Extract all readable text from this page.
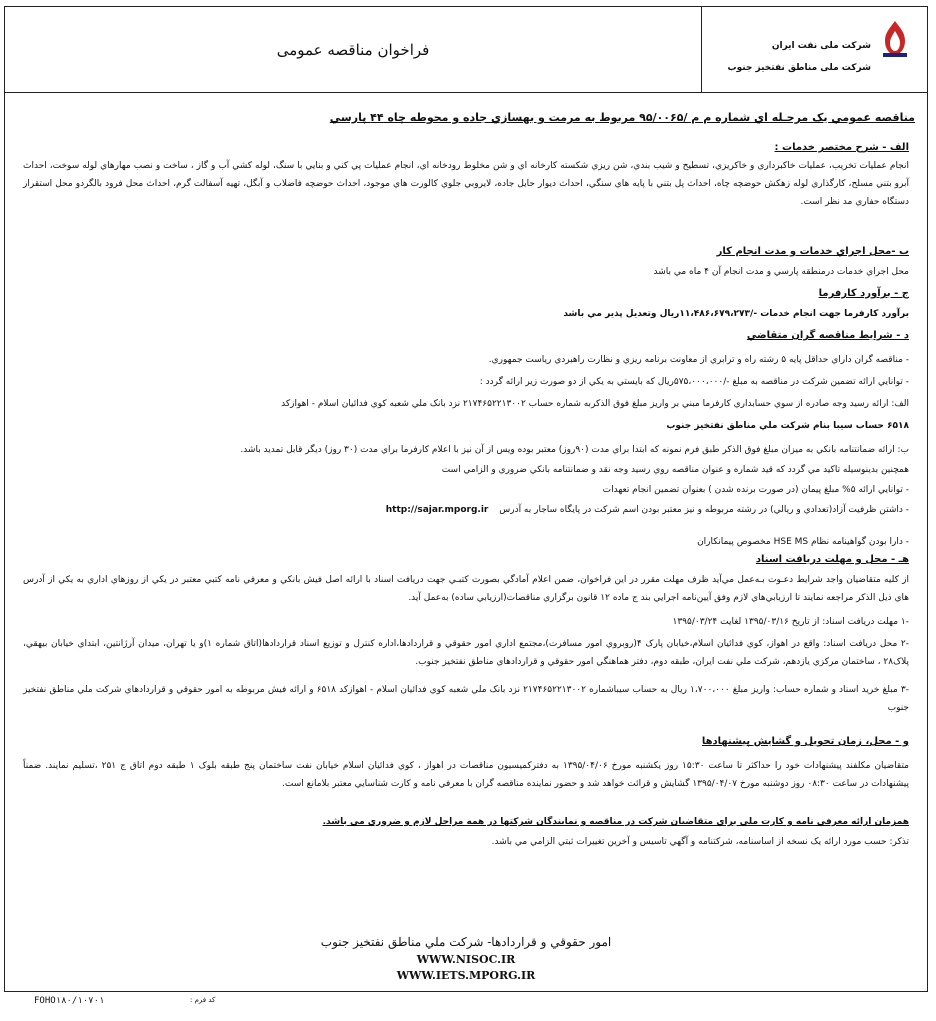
فراخوان مناقصه عمومی	شرکت ملی نفت ایران
شرکت ملی مناطق نفتخیز جنوب
مناقصه عمومي يک مرحـله اي شماره م م /۹۵/۰۰۶۵ مربوط به مرمت و بهسازي جاده و محوطه چاه ۴۴ پارسي
الف - شرح مختصر خدمات :
انجام عمليات تخريب، عمليات خاکبرداري و خاکريزي، تسطيح و شيب بندي، شن ريزي شکسته کارخانه اي و شن مخلوط رودخانه اي، انجام عمليات پي کني و بنايي با سنگ، لوله کشي آب و گاز ، ساخت و نصب مهارهاي لوله سوخت، احداث آبرو بتني مسلح، کارگذاري لوله زهکش حوضچه چاه، احداث پل بتني با پايه هاي سنگي، احداث ديوار حايل جاده، لايروبي جلوي کالورت هاي موجود، احداث حوضچه فاضلاب و آبگل، تهيه آسفالت گرم، احداث محل فرود بالگردو محل استقرار دستگاه حفاري مد نظر است.
ب -محل اجراي خدمات و مدت انجام کار
محل اجراي خدمات درمنطقه پارسي و مدت انجام آن ۴ ماه مي باشد
ج - برآورد کارفرما
برآورد کارفرما جهت انجام خدمات -/۱۱،۴۸۶،۶۷۹،۲۷۳ريال وتعديل پذير مي باشد
د - شرايط مناقصه گران متقاضي
- مناقصه گران داراي حداقل پايه ۵ رشته راه و ترابري از معاونت برنامه ريزي و نظارت راهبردي رياست جمهوري.
- توانايي ارائه تضمين شرکت در مناقصه به مبلغ -/۵۷۵،۰۰۰،۰۰۰ريال که بايستي به يکي از دو صورت زير ارائه گردد :
الف: ارائه رسيد وجه صادره از سوي حسابداري کارفرما مبني بر واريز مبلغ فوق الذکربه شماره حساب ۲۱۷۴۶۵۲۲۱۳۰۰۲ نزد بانک ملي شعبه کوي فدائيان اسلام - اهوازکد
۶۵۱۸ حساب سيبا بنام شرکت ملي مناطق نفتخيز جنوب
ب: ارائه ضمانتنامه بانکي به ميزان مبلغ فوق الذکر طبق فرم نمونه که ابتدا براي مدت (۹۰روز) معتبر بوده ويس از آن نيز با اعلام کارفرما براي مدت (۳۰ روز) ديگر قابل تمديد باشد.
همچنين بدينوسيله تاکيد مي گردد که قيد شماره و عنوان مناقصه روي رسيد وجه نقد و ضمانتنامه بانکي ضروري و الزامي است
- توانايي ارائه ۵% مبلغ پيمان (در صورت برنده شدن ) بعنوان تضمين انجام تعهدات
- داشتن ظرفيت آزاد(تعدادي و ريالي) در رشته مربوطه و نيز معتبر بودن اسم شرکت در پايگاه ساجار به آدرس http://sajar.mporg.ir
- دارا بودن گواهينامه نظام HSE MS مخصوص پيمانکاران
هـ - محل و مهلت دريافت اسناد
از کليه متقاضيان واجد شرايط دعـوت بـه‌عمل مي‌آيد ظرف مهلت مقرر در اين فراخوان، ضمن اعلام آمادگي بصورت کتبـي جهت دريافت اسناد با ارائه اصل فيش بانکي و معرفي نامه کتبي معتبر در يکي از روزهاي اداري به يکي از آدرس هاي ذيل الذکر مراجعه نمايند تا ارزيابي‌هاي لازم وفق آيين‌نامه اجرايي بند ج ماده ۱۲ قانون برگزاري مناقصات(ارزيابي ساده) به‌عمل آيد.
-۱ مهلت دريافت اسناد: از تاريخ ۱۳۹۵/۰۳/۱۶ لغايت ۱۳۹۵/۰۳/۲۴
-۲ محل دريافت اسناد: واقع در اهواز، کوي فدائيان اسلام،خيابان پارک ۴(روبروي امور مسافرت)،مجتمع اداري امور حقوقي و قراردادها،اداره کنترل و توزيع اسناد قراردادها(اتاق شماره ۱)و يا تهران، ميدان آرژانتين، ابتداي خيابان بيهقي، پلاک۲۸ ، ساختمان مرکزي يازدهم، شرکت ملي نفت ايران، طبقه دوم، دفتر هماهنگي امور حقوقي و قراردادهاي مناطق نفتخيز جنوب.
-۳ مبلغ خريد اسناد و شماره حساب: واريز مبلغ ۱،۷۰۰،۰۰۰ ريال به حساب سيباشماره ۲۱۷۴۶۵۲۲۱۳۰۰۲ نزد بانک ملي شعبه کوي فدائيان اسلام - اهوازکد ۶۵۱۸ و ارائه فيش مربوطه به امور حقوقي و قراردادهاي شرکت ملي مناطق نفتخيز جنوب
و - محل، زمان تحويل و گشايش پيشنهادها
متقاضيان مکلفند پيشنهادات خود را حداکثر تا ساعت ۱۵:۳۰ روز يکشنبه مورخ ۱۳۹۵/۰۴/۰۶ به دفترکميسيون مناقصات در اهواز ، کوي فدائيان اسلام خيابان نفت ساختمان پنج طبقه بلوک ۱ طبقه دوم اتاق ج ۲۵۱ ،تسليم نمايند. ضمناً پيشنهادات در ساعت ۰۸:۳۰ روز دوشنبه مورخ ۱۳۹۵/۰۴/۰۷ گشايش و قرائت خواهد شد و حضور نماينده مناقصه گران با معرفي نامه و کارت شناسايي معتبر بلامانع است.
همزمان ارائه معرفي نامه و کارت ملي براي متقاضيان شرکت در مناقصه و نمايندگان شرکتها در همه مراحل لازم و ضروري مي باشد.
تذکر: حسب مورد ارائه يک نسخه از اساسنامه، شرکتنامه و آگهي تاسيس و آخرين تغييرات ثبتي الزامي مي باشد.
امور حقوقي و قراردادها- شرکت ملي مناطق نفتخيز جنوب
WWW.NISOC.IR
WWW.IETS.MPORG.IR
کد فرم :
FOHO۱۸۰/۱۰۷۰۱
